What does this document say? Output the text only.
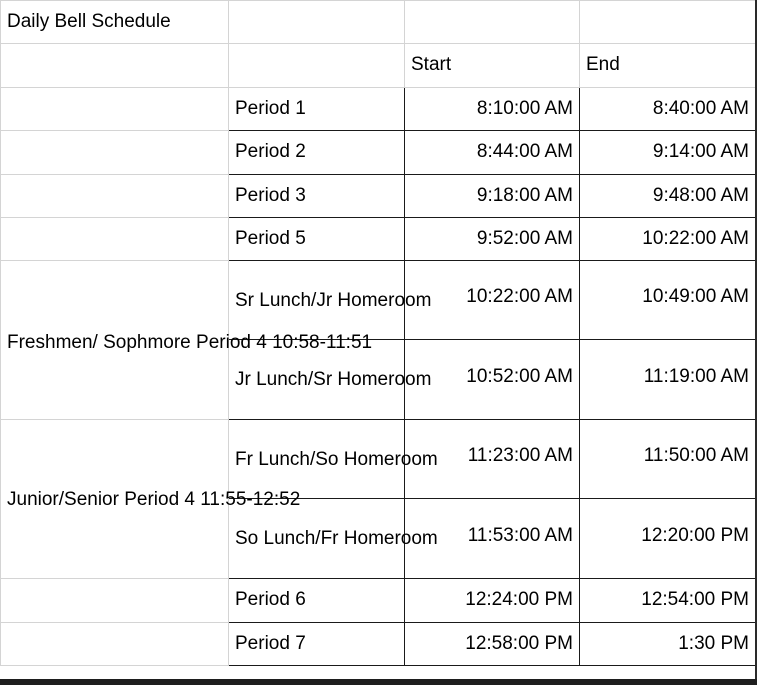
Daily Bell Schedule			
		Start	End
	Period 1	8:10:00 AM	8:40:00 AM
	Period 2	8:44:00 AM	9:14:00 AM
	Period 3	9:18:00 AM	9:48:00 AM
	Period 5	9:52:00 AM	10:22:00 AM
Freshmen/ Sophmore Period 4 10:58-11:51	Sr Lunch/Jr Homeroom	10:22:00 AM	10:49:00 AM
	Jr Lunch/Sr Homeroom	10:52:00 AM	11:19:00 AM
Junior/Senior Period 4 11:55-12:52	Fr Lunch/So Homeroom	11:23:00 AM	11:50:00 AM
	So Lunch/Fr Homeroom	11:53:00 AM	12:20:00 PM
	Period 6	12:24:00 PM	12:54:00 PM
	Period 7	12:58:00 PM	1:30 PM
